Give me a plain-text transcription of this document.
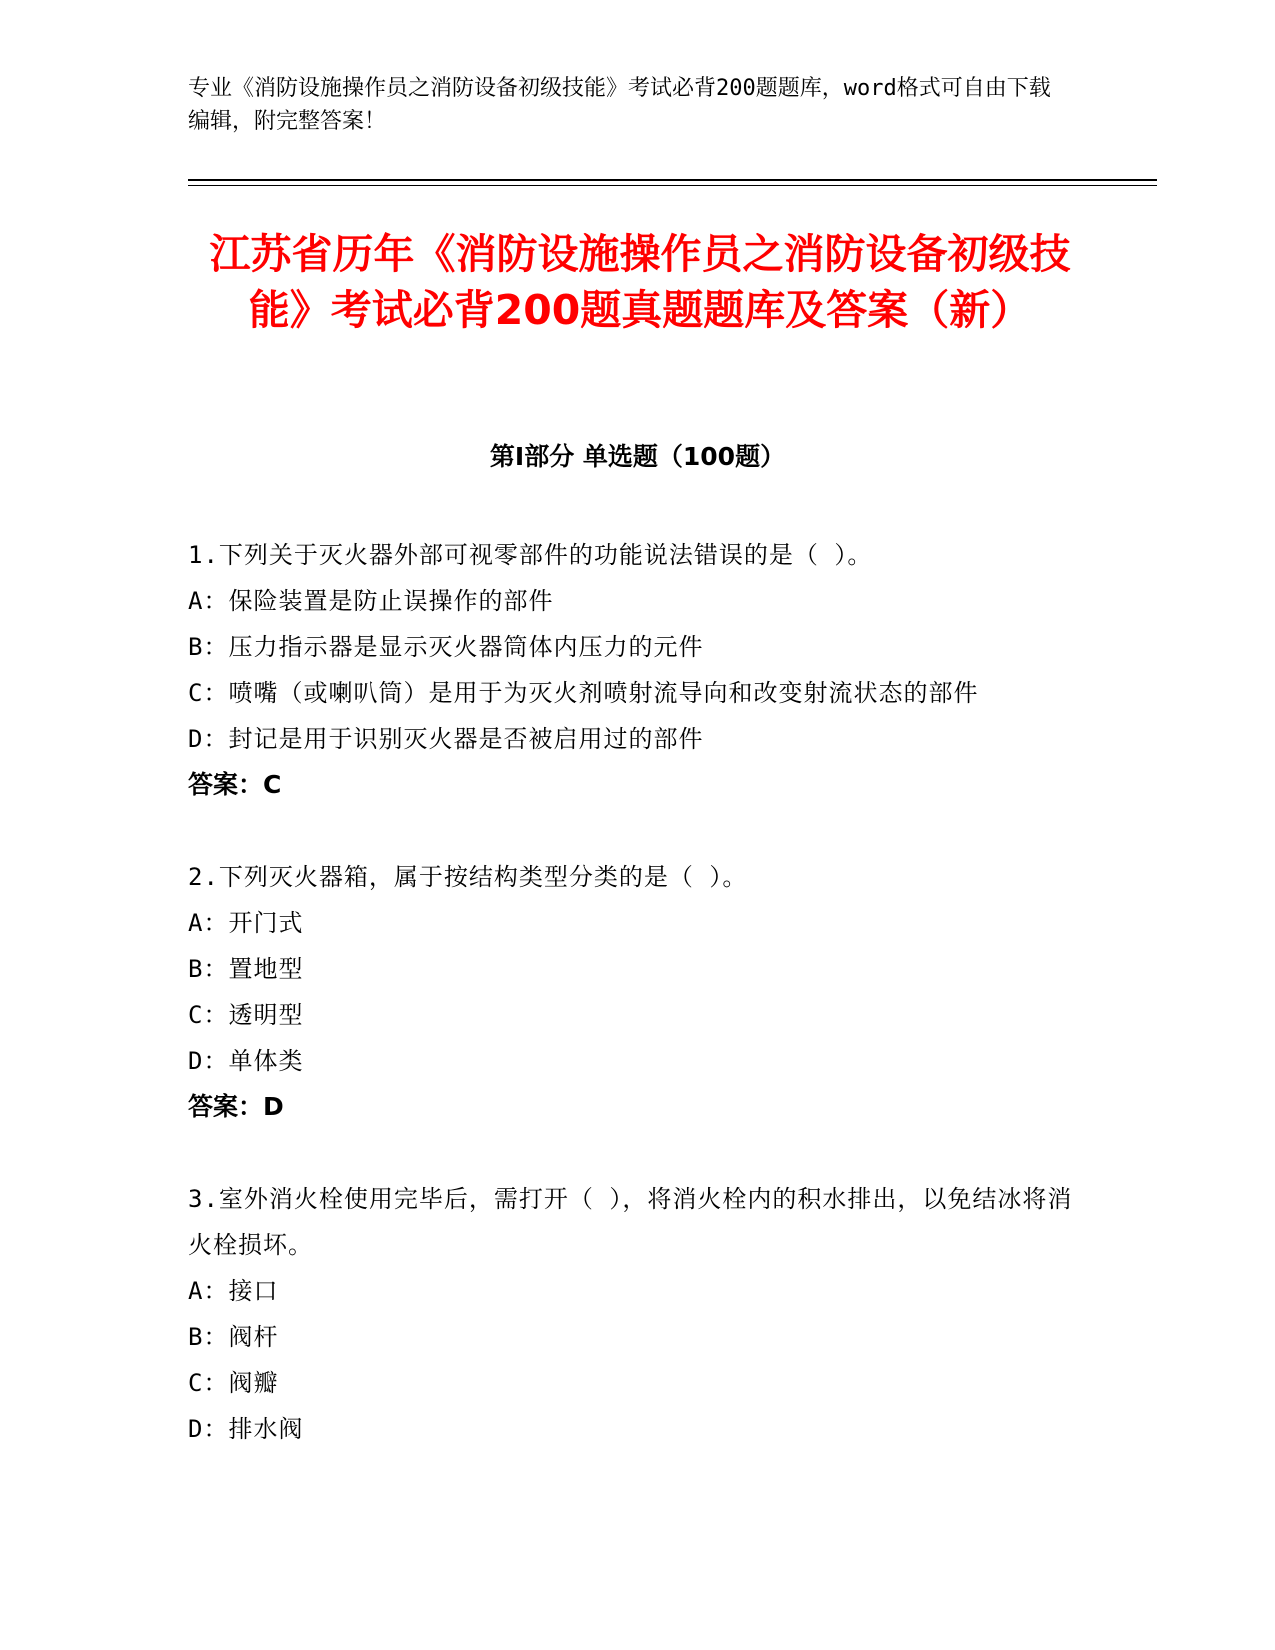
专业《消防设施操作员之消防设备初级技能》考试必背200题题库，word格式可自由下载编辑，附完整答案！
江苏省历年《消防设施操作员之消防设备初级技能》考试必背200题真题题库及答案（新）
第Ⅰ部分 单选题（100题）
1.下列关于灭火器外部可视零部件的功能说法错误的是（ ）。
A：保险装置是防止误操作的部件
B：压力指示器是显示灭火器筒体内压力的元件
C：喷嘴（或喇叭筒）是用于为灭火剂喷射流导向和改变射流状态的部件
D：封记是用于识别灭火器是否被启用过的部件
答案：C
2.下列灭火器箱，属于按结构类型分类的是（ ）。
A：开门式
B：置地型
C：透明型
D：单体类
答案：D
3.室外消火栓使用完毕后，需打开（ ），将消火栓内的积水排出，以免结冰将消火栓损坏。
A：接口
B：阀杆
C：阀瓣
D：排水阀
